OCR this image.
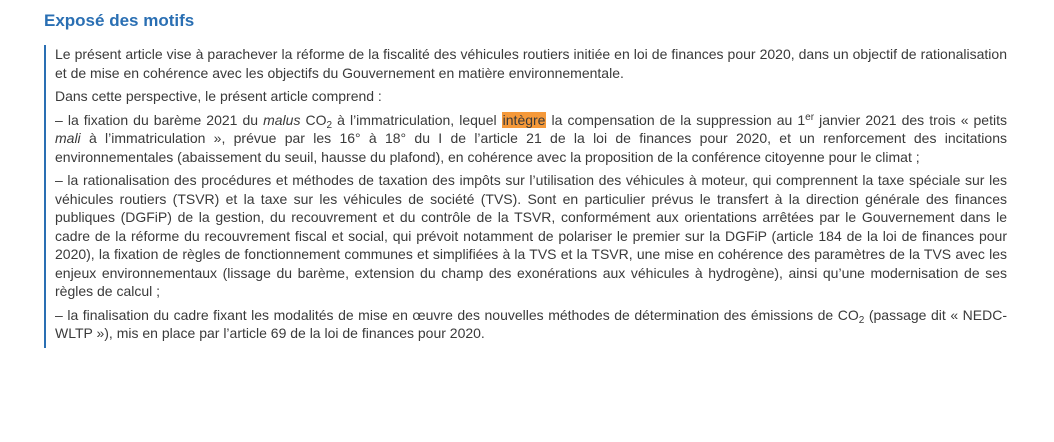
Exposé des motifs

Le présent article vise à parachever la réforme de la fiscalité des véhicules routiers initiée en loi de finances pour 2020, dans un objectif de rationalisation et de mise en cohérence avec les objectifs du Gouvernement en matière environnementale.

Dans cette perspective, le présent article comprend :

– la fixation du barème 2021 du malus $CO_2$ à l’immatriculation, lequel intègre la compensation de la suppression au 1er janvier 2021 des trois « petits mali à l’immatriculation », prévue par les 16° à 18° du I de l’article 21 de la loi de finances pour 2020, et un renforcement des incitations environnementales (abaissement du seuil, hausse du plafond), en cohérence avec la proposition de la conférence citoyenne pour le climat ;

– la rationalisation des procédures et méthodes de taxation des impôts sur l’utilisation des véhicules à moteur, qui comprennent la taxe spéciale sur les véhicules routiers (TSVR) et la taxe sur les véhicules de société (TVS). Sont en particulier prévus le transfert à la direction générale des finances publiques (DGFiP) de la gestion, du recouvrement et du contrôle de la TSVR, conformément aux orientations arrêtées par le Gouvernement dans le cadre de la réforme du recouvrement fiscal et social, qui prévoit notamment de polariser le premier sur la DGFiP (article 184 de la loi de finances pour 2020), la fixation de règles de fonctionnement communes et simplifiées à la TVS et la TSVR, une mise en cohérence des paramètres de la TVS avec les enjeux environnementaux (lissage du barème, extension du champ des exonérations aux véhicules à hydrogène), ainsi qu’une modernisation de ses règles de calcul ;

– la finalisation du cadre fixant les modalités de mise en œuvre des nouvelles méthodes de détermination des émissions de $CO_2$ (passage dit « NEDC-WLTP »), mis en place par l’article 69 de la loi de finances pour 2020.
